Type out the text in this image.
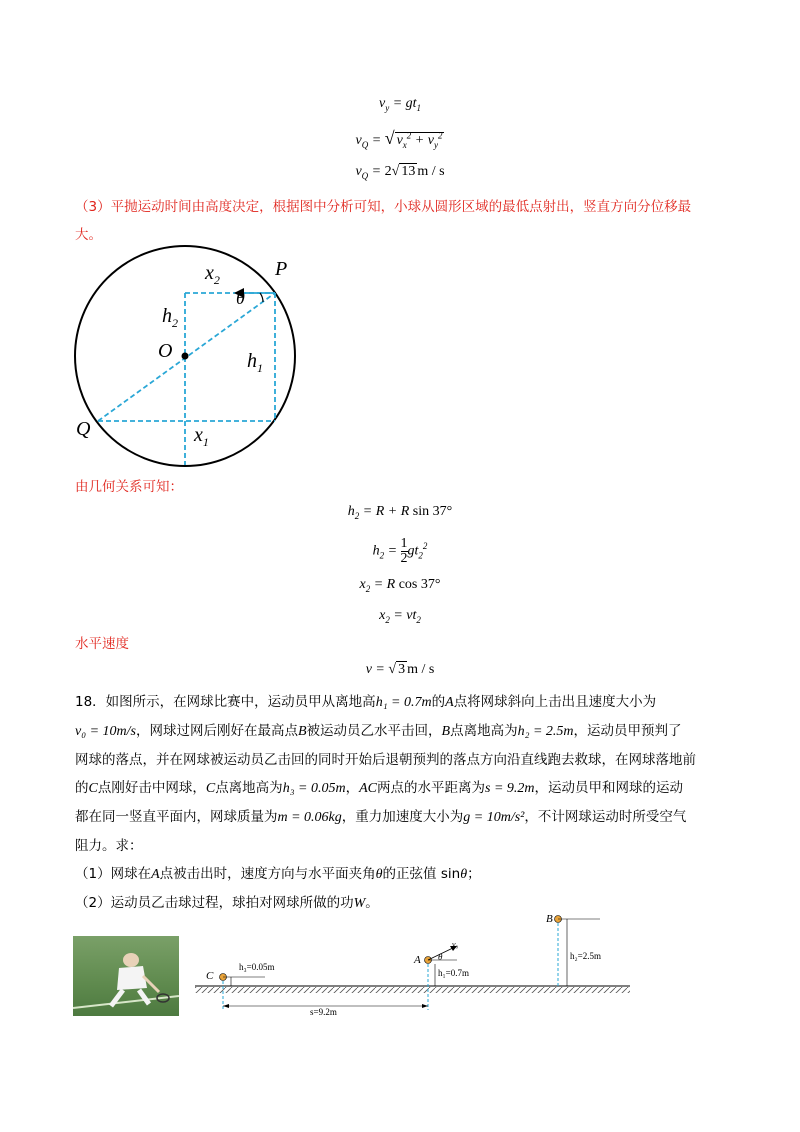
$v_y = gt_1$
$v_Q$ = √ $v_x^2 + v_y^2$
$v_Q = 2√$ 13 m / s
（3）平抛运动时间由高度决定，根据图中分析可知，小球从圆形区域的最低点射出，竖直方向分位移最
大。
P
Q
O
$x_2$
$x_1$
$h_1$
$h_2$
θ
由几何关系可知：
$h_2 = R + R$ sin 37°
$h_2 = \frac{1}{2} gt_2^2$
$x_2 = R$ cos 37°
$x_2 = vt_2$
水平速度
v = √ 3 m / s
18．如图所示，在网球比赛中，运动员甲从离地高h₁ = 0.7m的A点将网球斜向上击出且速度大小为
v₀ = 10m/s，网球过网后刚好在最高点B被运动员乙水平击回，B点离地高为h₂ = 2.5m，运动员甲预判了
网球的落点，并在网球被运动员乙击回的同时开始后退朝预判的落点方向沿直线跑去救球，在网球落地前
的C点刚好击中网球，C点离地高为h₃ = 0.05m，AC两点的水平距离为s = 9.2m，运动员甲和网球的运动
都在同一竖直平面内，网球质量为m = 0.06kg，重力加速度大小为g = 10m/s²，不计网球运动时所受空气
阻力。求：
（1）网球在A点被击出时，速度方向与水平面夹角θ的正弦值 sinθ；
（2）运动员乙击球过程，球拍对网球所做的功W。
C
h₃=0.05m
A
v₀
θ
h₁=0.7m
B
h₂=2.5m
s=9.2m
